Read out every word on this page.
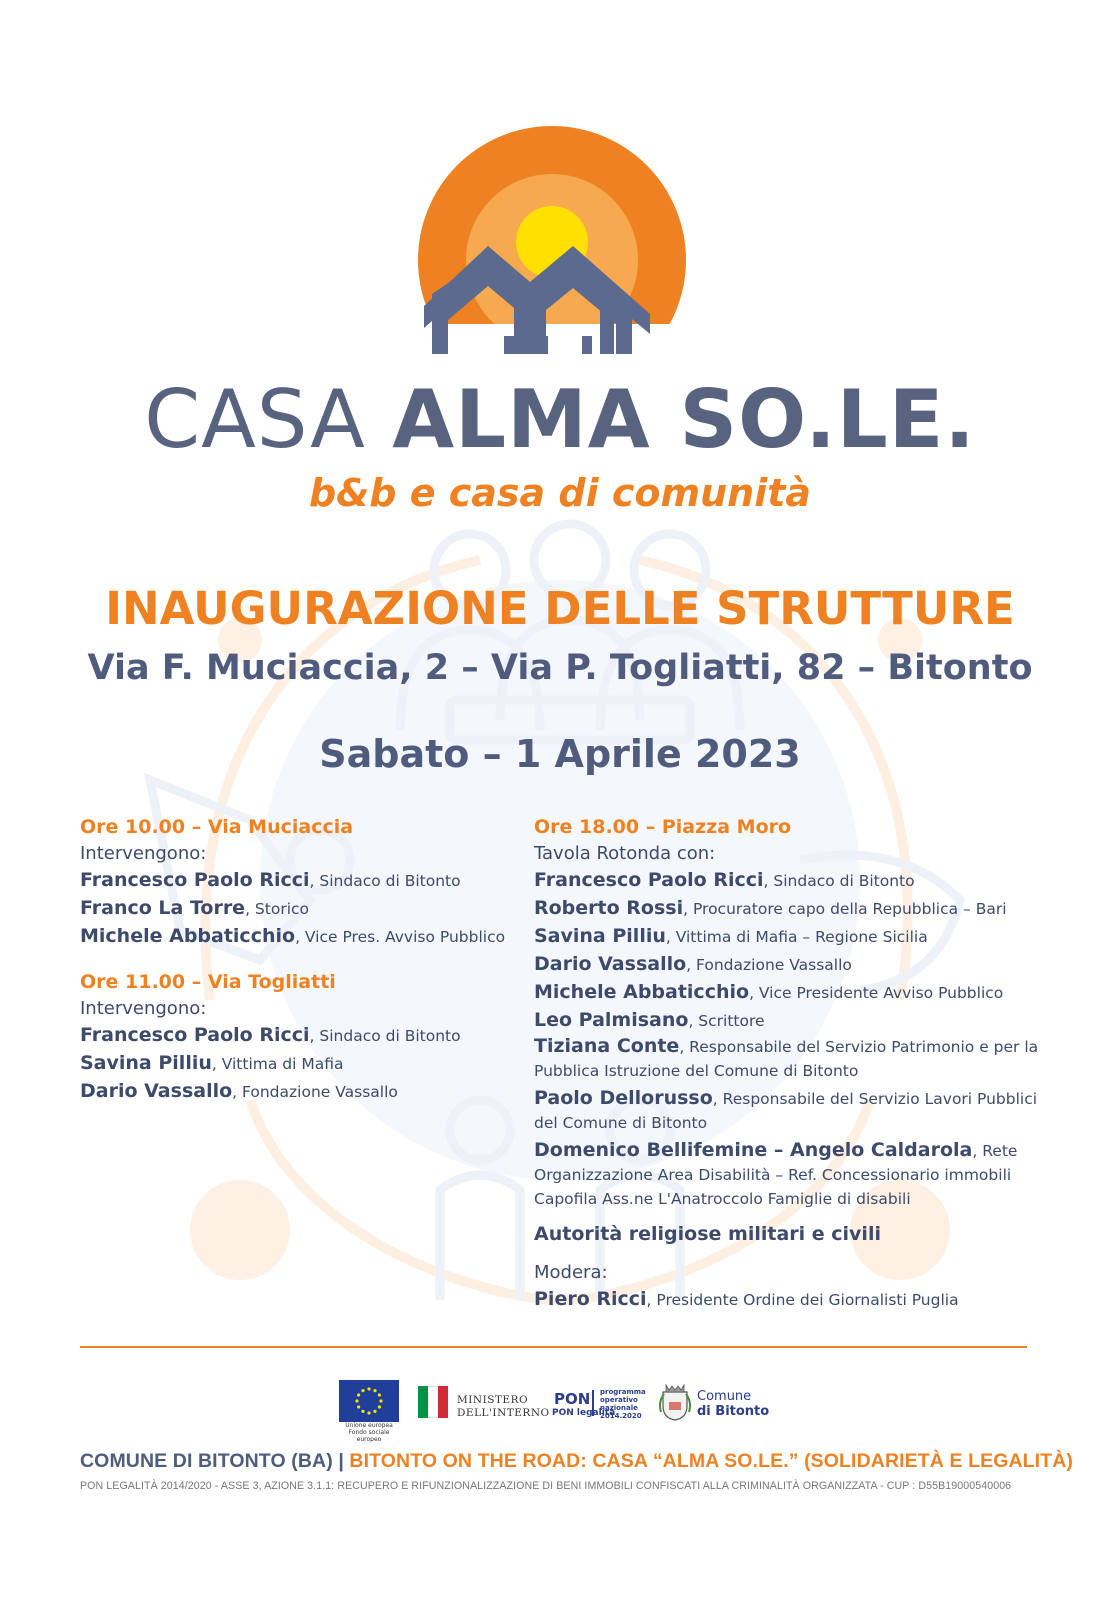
CASA ALMA SO.LE.
b&b e casa di comunità
INAUGURAZIONE DELLE STRUTTURE
Via F. Muciaccia, 2 – Via P. Togliatti, 82 – Bitonto
Sabato – 1 Aprile 2023
Ore 10.00 – Via Muciaccia
Intervengono:

Francesco Paolo Ricci, Sindaco di Bitonto

Franco La Torre, Storico

Michele Abbaticchio, Vice Pres. Avviso Pubblico

Ore 11.00 – Via Togliatti
Intervengono:

Francesco Paolo Ricci, Sindaco di Bitonto

Savina Pilliu, Vittima di Mafia

Dario Vassallo, Fondazione Vassallo

Ore 18.00 – Piazza Moro
Tavola Rotonda con:

Francesco Paolo Ricci, Sindaco di Bitonto

Roberto Rossi, Procuratore capo della Repubblica – Bari

Savina Pilliu, Vittima di Mafia – Regione Sicilia

Dario Vassallo, Fondazione Vassallo

Michele Abbaticchio, Vice Presidente Avviso Pubblico

Leo Palmisano, Scrittore

Tiziana Conte, Responsabile del Servizio Patrimonio e per la Pubblica Istruzione del Comune di Bitonto

Paolo Dellorusso, Responsabile del Servizio Lavori Pubblici del Comune di Bitonto

Domenico Bellifemine – Angelo Caldarola, Rete Organizzazione Area Disabilità – Ref. Concessionario immobili Capofila Ass.ne L'Anatroccolo Famiglie di disabili

Autorità religiose militari e civili
Modera:

Piero Ricci, Presidente Ordine dei Giornalisti Puglia

Unione europea Fondo sociale europeo
MINISTERO DELL'INTERNO
PON
PON legalità
programma operativo nazionale 2014.2020
Comune
di Bitonto
COMUNE DI BITONTO (BA) | BITONTO ON THE ROAD: CASA “ALMA SO.LE.” (SOLIDARIETÀ E LEGALITÀ)
PON LEGALITÀ 2014/2020 - ASSE 3, AZIONE 3.1.1: RECUPERO E RIFUNZIONALIZZAZIONE DI BENI IMMOBILI CONFISCATI ALLA CRIMINALITÀ ORGANIZZATA - CUP : D55B19000540006
